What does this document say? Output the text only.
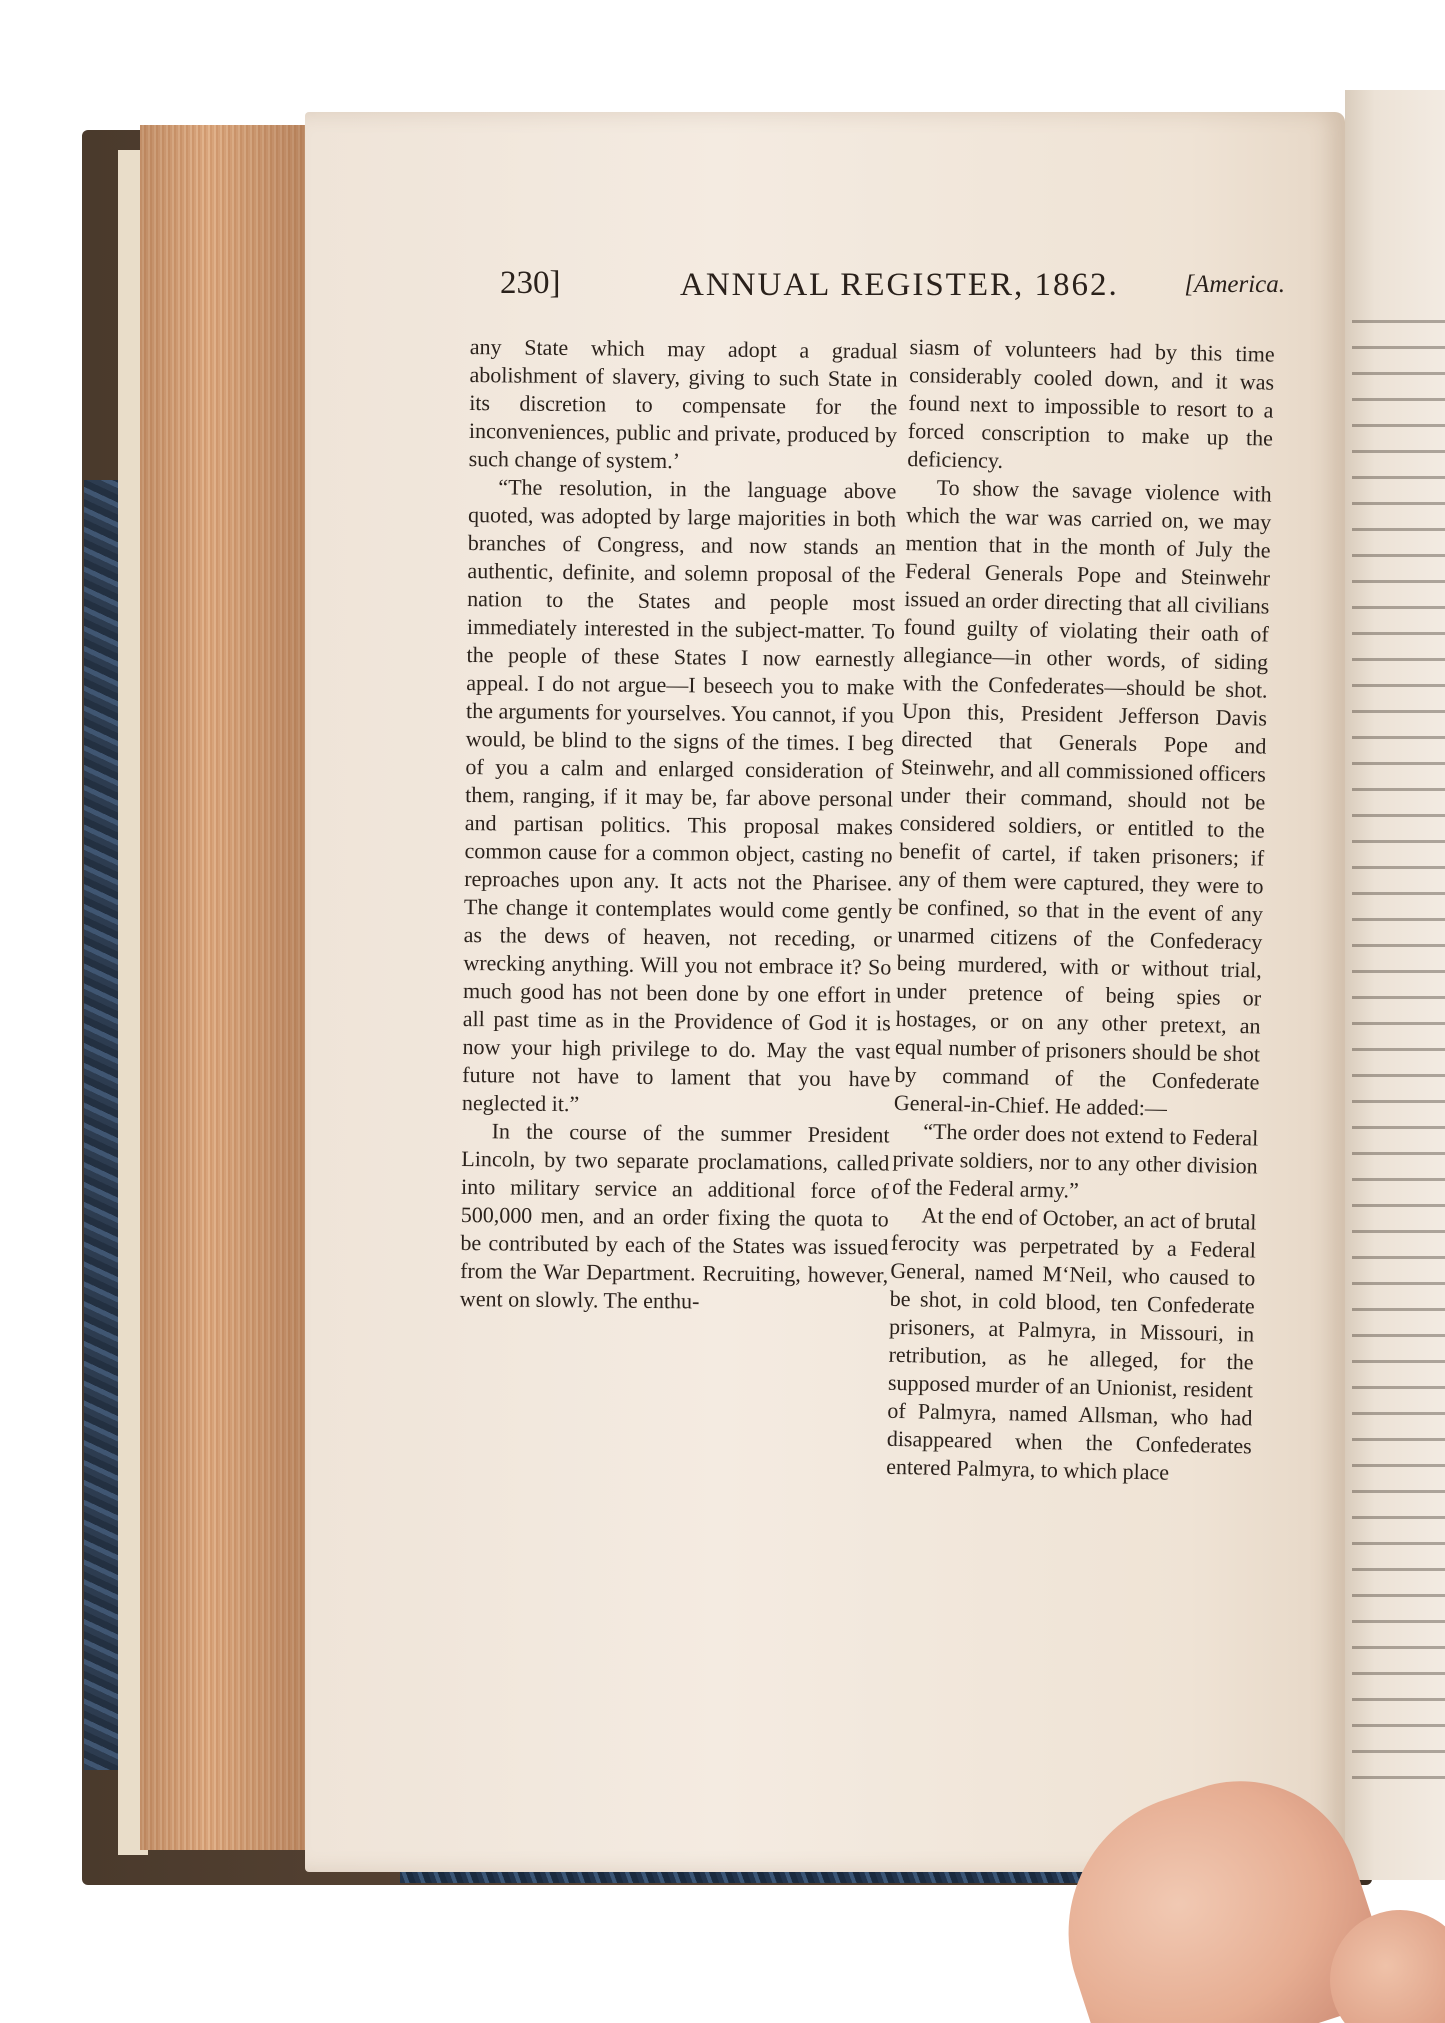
230]	ANNUAL REGISTER, 1862.	[America.

any State which may adopt a gradual abolishment of slavery, giving to such State in its discretion to compensate for the inconveniences, public and private, produced by such change of system.’

“The resolution, in the language above quoted, was adopted by large majorities in both branches of Congress, and now stands an authentic, definite, and solemn proposal of the nation to the States and people most immediately interested in the subject-matter. To the people of these States I now earnestly appeal. I do not argue—I beseech you to make the arguments for yourselves. You cannot, if you would, be blind to the signs of the times. I beg of you a calm and enlarged consideration of them, ranging, if it may be, far above personal and partisan politics. This proposal makes common cause for a common object, casting no reproaches upon any. It acts not the Pharisee. The change it contemplates would come gently as the dews of heaven, not receding, or wrecking anything. Will you not embrace it? So much good has not been done by one effort in all past time as in the Providence of God it is now your high privilege to do. May the vast future not have to lament that you have neglected it.”

In the course of the summer President Lincoln, by two separate proclamations, called into military service an additional force of 500,000 men, and an order fixing the quota to be contributed by each of the States was issued from the War Department. Recruiting, however, went on slowly. The enthu-

siasm of volunteers had by this time considerably cooled down, and it was found next to impossible to resort to a forced conscription to make up the deficiency.

To show the savage violence with which the war was carried on, we may mention that in the month of July the Federal Generals Pope and Steinwehr issued an order directing that all civilians found guilty of violating their oath of allegiance—in other words, of siding with the Confederates—should be shot. Upon this, President Jefferson Davis directed that Generals Pope and Steinwehr, and all commissioned officers under their command, should not be considered soldiers, or entitled to the benefit of cartel, if taken prisoners; if any of them were captured, they were to be confined, so that in the event of any unarmed citizens of the Confederacy being murdered, with or without trial, under pretence of being spies or hostages, or on any other pretext, an equal number of prisoners should be shot by command of the Confederate General-in-Chief. He added:—

“The order does not extend to Federal private soldiers, nor to any other division of the Federal army.”

At the end of October, an act of brutal ferocity was perpetrated by a Federal General, named M‘Neil, who caused to be shot, in cold blood, ten Confederate prisoners, at Palmyra, in Missouri, in retribution, as he alleged, for the supposed murder of an Unionist, resident of Palmyra, named Allsman, who had disappeared when the Confederates entered Palmyra, to which place
